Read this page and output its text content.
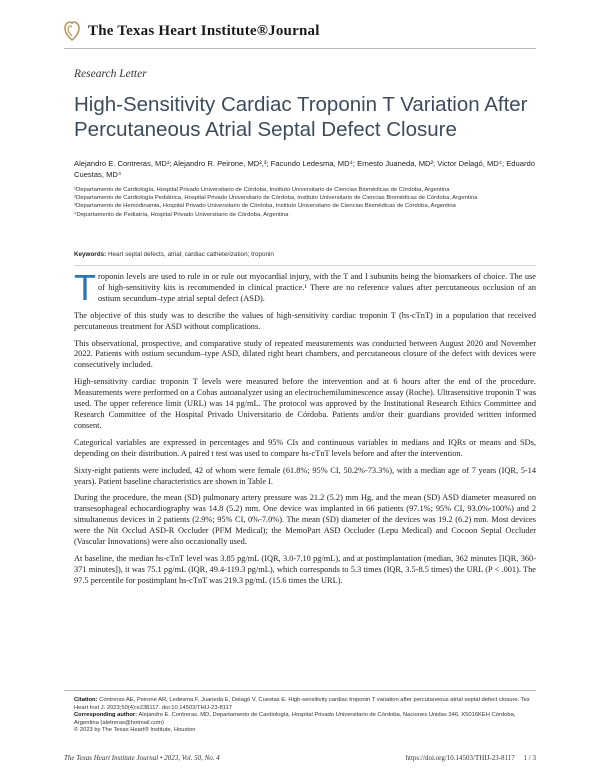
The Texas Heart Institute®Journal
Research Letter
High-Sensitivity Cardiac Troponin T Variation After Percutaneous Atrial Septal Defect Closure
Alejandro E. Contreras, MD¹; Alejandro R. Peirone, MD²,³; Facundo Ledesma, MD⁴; Ernesto Juaneda, MD²; Victor Delagó, MD⁴; Eduardo Cuestas, MD⁴
¹Departamento de Cardiología, Hospital Privado Universitario de Córdoba, Instituto Universitario de Ciencias Biomédicas de Córdoba, Argentina
²Departamento de Cardiología Pediátrica, Hospital Privado Universitario de Córdoba, Instituto Universitario de Ciencias Biomédicas de Córdoba, Argentina
³Departamento de Hemodinamia, Hospital Privado Universitario de Córdoba, Instituto Universitario de Ciencias Biomédicas de Córdoba, Argentina
⁴Departamento de Pediatría, Hospital Privado Universitario de Córdoba, Argentina
Keywords: Heart septal defects, atrial; cardiac catheterization; troponin

T roponin levels are used to rule in or rule out myocardial injury, with the T and I subunits being the biomarkers of choice. The use of high-sensitivity kits is recommended in clinical practice.¹ There are no reference values after percutaneous occlusion of an ostium secundum–type atrial septal defect (ASD).

The objective of this study was to describe the values of high-sensitivity cardiac troponin T (hs-cTnT) in a population that received percutaneous treatment for ASD without complications.

This observational, prospective, and comparative study of repeated measurements was conducted between August 2020 and November 2022. Patients with ostium secundum–type ASD, dilated right heart chambers, and percutaneous closure of the defect with devices were consecutively included.

High-sensitivity cardiac troponin T levels were measured before the intervention and at 6 hours after the end of the procedure. Measurements were performed on a Cobas autoanalyzer using an electrochemiluminescence assay (Roche). Ultrasensitive troponin T was used. The upper reference limit (URL) was 14 pg/mL. The protocol was approved by the Institutional Research Ethics Committee and Research Committee of the Hospital Privado Universitario de Córdoba. Patients and/or their guardians provided written informed consent.

Categorical variables are expressed in percentages and 95% CIs and continuous variables in medians and IQRs or means and SDs, depending on their distribution. A paired t test was used to compare hs-cTnT levels before and after the intervention.

Sixty-eight patients were included, 42 of whom were female (61.8%; 95% CI, 50.2%-73.3%), with a median age of 7 years (IQR, 5-14 years). Patient baseline characteristics are shown in Table I.

During the procedure, the mean (SD) pulmonary artery pressure was 21.2 (5.2) mm Hg, and the mean (SD) ASD diameter measured on transesophageal echocardiography was 14.8 (5.2) mm. One device was implanted in 66 patients (97.1%; 95% CI, 93.0%-100%) and 2 simultaneous devices in 2 patients (2.9%; 95% CI, 0%-7.0%). The mean (SD) diameter of the devices was 19.2 (6.2) mm. Most devices were the Nit Occlud ASD-R Occluder (PFM Medical); the MemoPart ASD Occluder (Lepu Medical) and Cocoon Septal Occluder (Vascular Innovations) were also occasionally used.

At baseline, the median hs-cTnT level was 3.85 pg/mL (IQR, 3.0-7.10 pg/mL), and at postimplantation (median, 362 minutes [IQR, 360-371 minutes]), it was 75.1 pg/mL (IQR, 49.4-119.3 pg/mL), which corresponds to 5.3 times (IQR, 3.5-8.5 times) the URL (P < .001). The 97.5 percentile for postimplant hs-cTnT was 219.3 pg/mL (15.6 times the URL).

Citation: Contreras AE, Peirone AR, Ledesma F, Juaneda E, Delagó V, Cuestas E. High-sensitivity cardiac troponin T variation after percutaneous atrial septal defect closure. Tex Heart Inst J. 2023;50(4):e238117. doi:10.14503/THIJ-23-8117
Corresponding author: Alejandro E. Contreras, MD, Departamento de Cardiología, Hospital Privado Universitario de Córdoba, Naciones Unidas 346, X5016KEH Córdoba, Argentina (aletreras@hotmail.com)
© 2023 by The Texas Heart® Institute, Houston
The Texas Heart Institute Journal • 2023, Vol. 50, No. 4	https://doi.org/10.14503/THIJ-23-8117     1 / 3
